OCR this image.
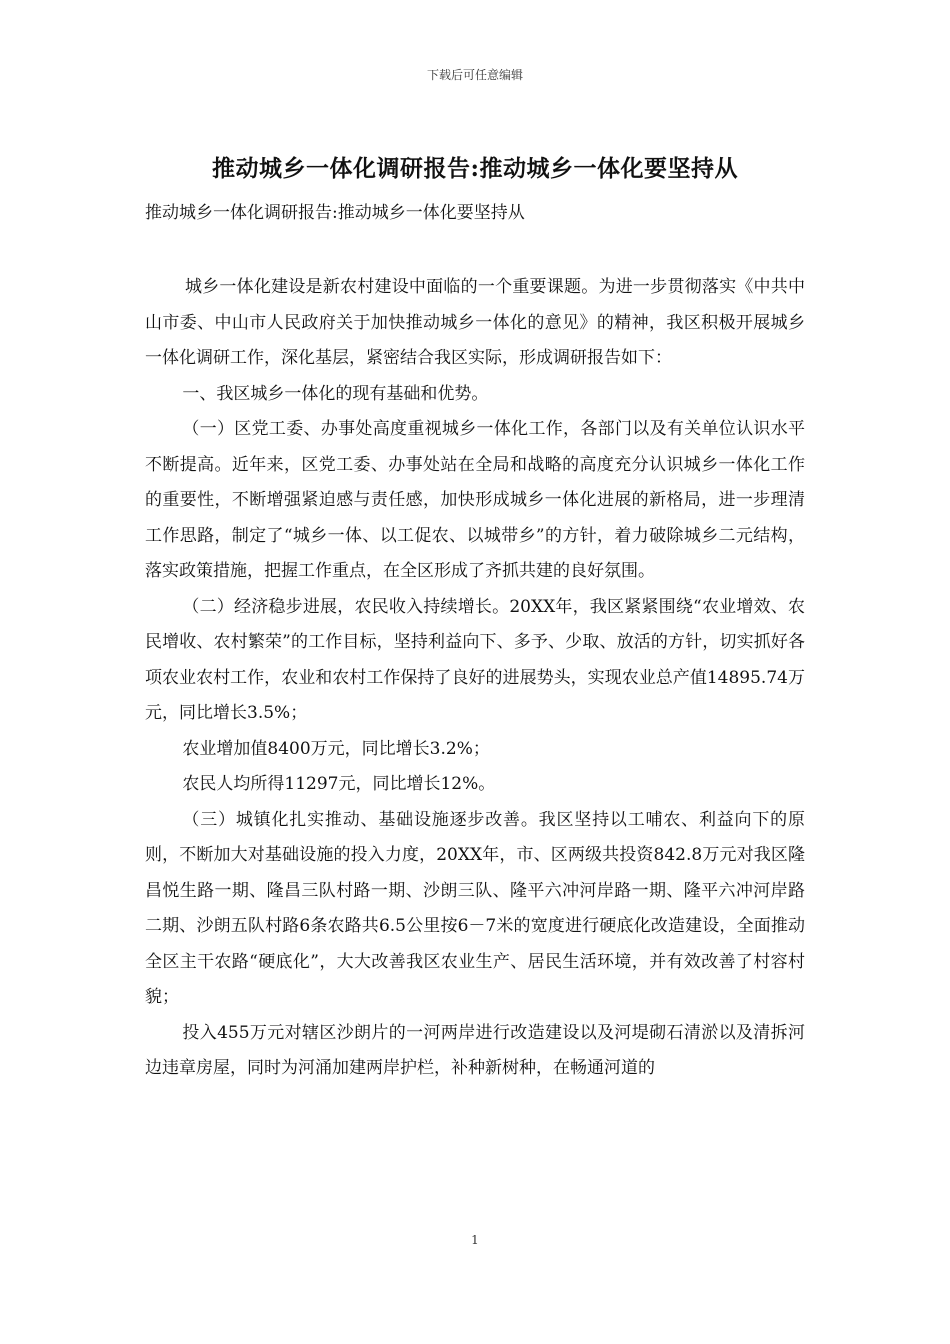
下载后可任意编辑
推动城乡一体化调研报告:推动城乡一体化要坚持从
推动城乡一体化调研报告:推动城乡一体化要坚持从

城乡一体化建设是新农村建设中面临的一个重要课题。为进一步贯彻落实《中共中山市委、中山市人民政府关于加快推动城乡一体化的意见》的精神，我区积极开展城乡一体化调研工作，深化基层，紧密结合我区实际，形成调研报告如下：

一、我区城乡一体化的现有基础和优势。

（一）区党工委、办事处高度重视城乡一体化工作，各部门以及有关单位认识水平不断提高。近年来，区党工委、办事处站在全局和战略的高度充分认识城乡一体化工作的重要性，不断增强紧迫感与责任感，加快形成城乡一体化进展的新格局，进一步理清工作思路，制定了“城乡一体、以工促农、以城带乡”的方针，着力破除城乡二元结构，落实政策措施，把握工作重点，在全区形成了齐抓共建的良好氛围。

（二）经济稳步进展，农民收入持续增长。20XX年，我区紧紧围绕“农业增效、农民增收、农村繁荣”的工作目标，坚持利益向下、多予、少取、放活的方针，切实抓好各项农业农村工作，农业和农村工作保持了良好的进展势头，实现农业总产值14895.74万元，同比增长3.5%；

农业增加值8400万元，同比增长3.2%；

农民人均所得11297元，同比增长12%。

（三）城镇化扎实推动、基础设施逐步改善。我区坚持以工哺农、利益向下的原则，不断加大对基础设施的投入力度，20XX年，市、区两级共投资842.8万元对我区隆昌悦生路一期、隆昌三队村路一期、沙朗三队、隆平六冲河岸路一期、隆平六冲河岸路二期、沙朗五队村路6条农路共6.5公里按6－7米的宽度进行硬底化改造建设，全面推动全区主干农路“硬底化”，大大改善我区农业生产、居民生活环境，并有效改善了村容村貌；

投入455万元对辖区沙朗片的一河两岸进行改造建设以及河堤砌石清淤以及清拆河边违章房屋，同时为河涌加建两岸护栏，补种新树种，在畅通河道的

1
